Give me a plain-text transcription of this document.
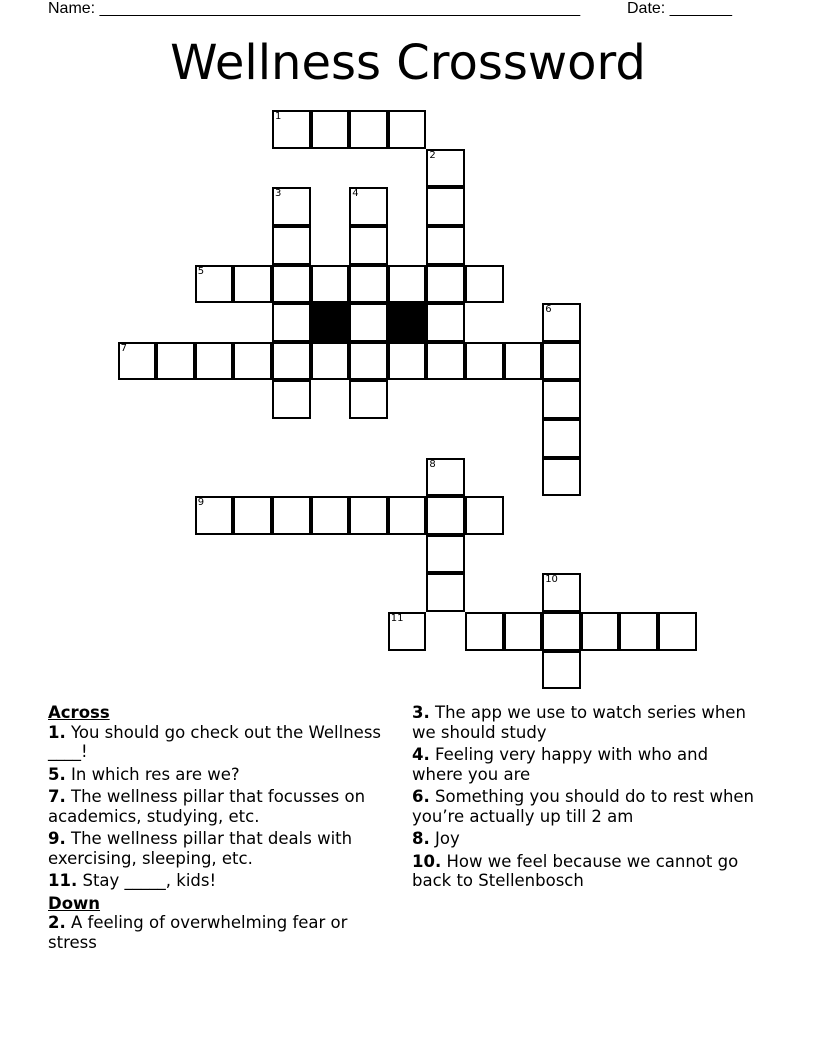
Name: ______________________________________________________	Date: _______
Wellness Crossword
1
2
3	4
5
6
7
8
9
10
11

Across

1. You should go check out the Wellness ____!

5. In which res are we?

7. The wellness pillar that focusses on academics, studying, etc.

9. The wellness pillar that deals with exercising, sleeping, etc.

11. Stay _____, kids!

Down

2. A feeling of overwhelming fear or stress

3. The app we use to watch series when we should study

4. Feeling very happy with who and where you are

6. Something you should do to rest when you’re actually up till 2 am

8. Joy

10. How we feel because we cannot go back to Stellenbosch
